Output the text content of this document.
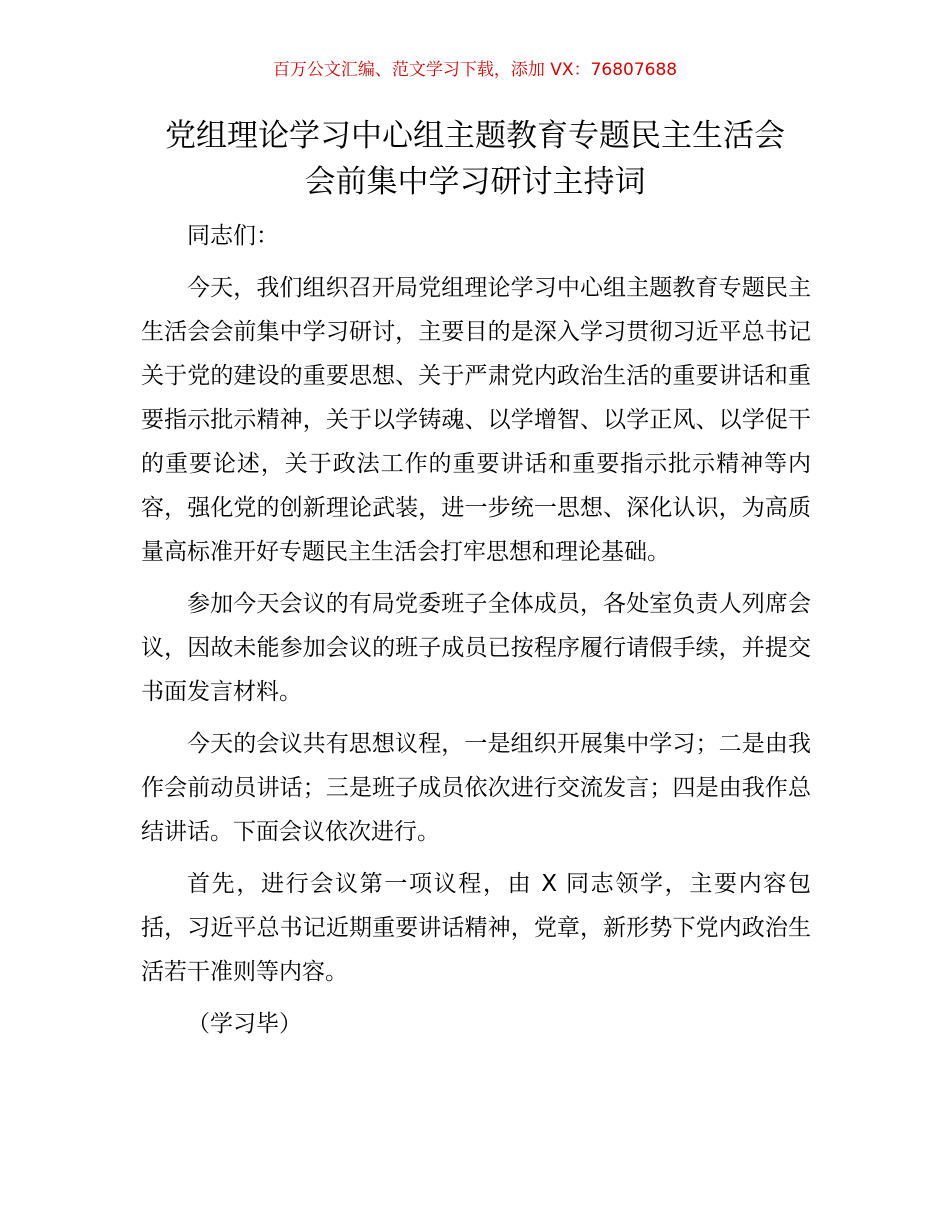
百万公文汇编、范文学习下载，添加 VX：76807688
党组理论学习中心组主题教育专题民主生活会
会前集中学习研讨主持词

同志们：

今天，我们组织召开局党组理论学习中心组主题教育专题民主生活会会前集中学习研讨，主要目的是深入学习贯彻习近平总书记关于党的建设的重要思想、关于严肃党内政治生活的重要讲话和重要指示批示精神，关于以学铸魂、以学增智、以学正风、以学促干的重要论述，关于政法工作的重要讲话和重要指示批示精神等内容，强化党的创新理论武装，进一步统一思想、深化认识，为高质量高标准开好专题民主生活会打牢思想和理论基础。

参加今天会议的有局党委班子全体成员，各处室负责人列席会议，因故未能参加会议的班子成员已按程序履行请假手续，并提交书面发言材料。

今天的会议共有思想议程，一是组织开展集中学习；二是由我作会前动员讲话；三是班子成员依次进行交流发言；四是由我作总结讲话。下面会议依次进行。

首先，进行会议第一项议程，由 X 同志领学，主要内容包括，习近平总书记近期重要讲话精神，党章，新形势下党内政治生活若干准则等内容。

（学习毕）
